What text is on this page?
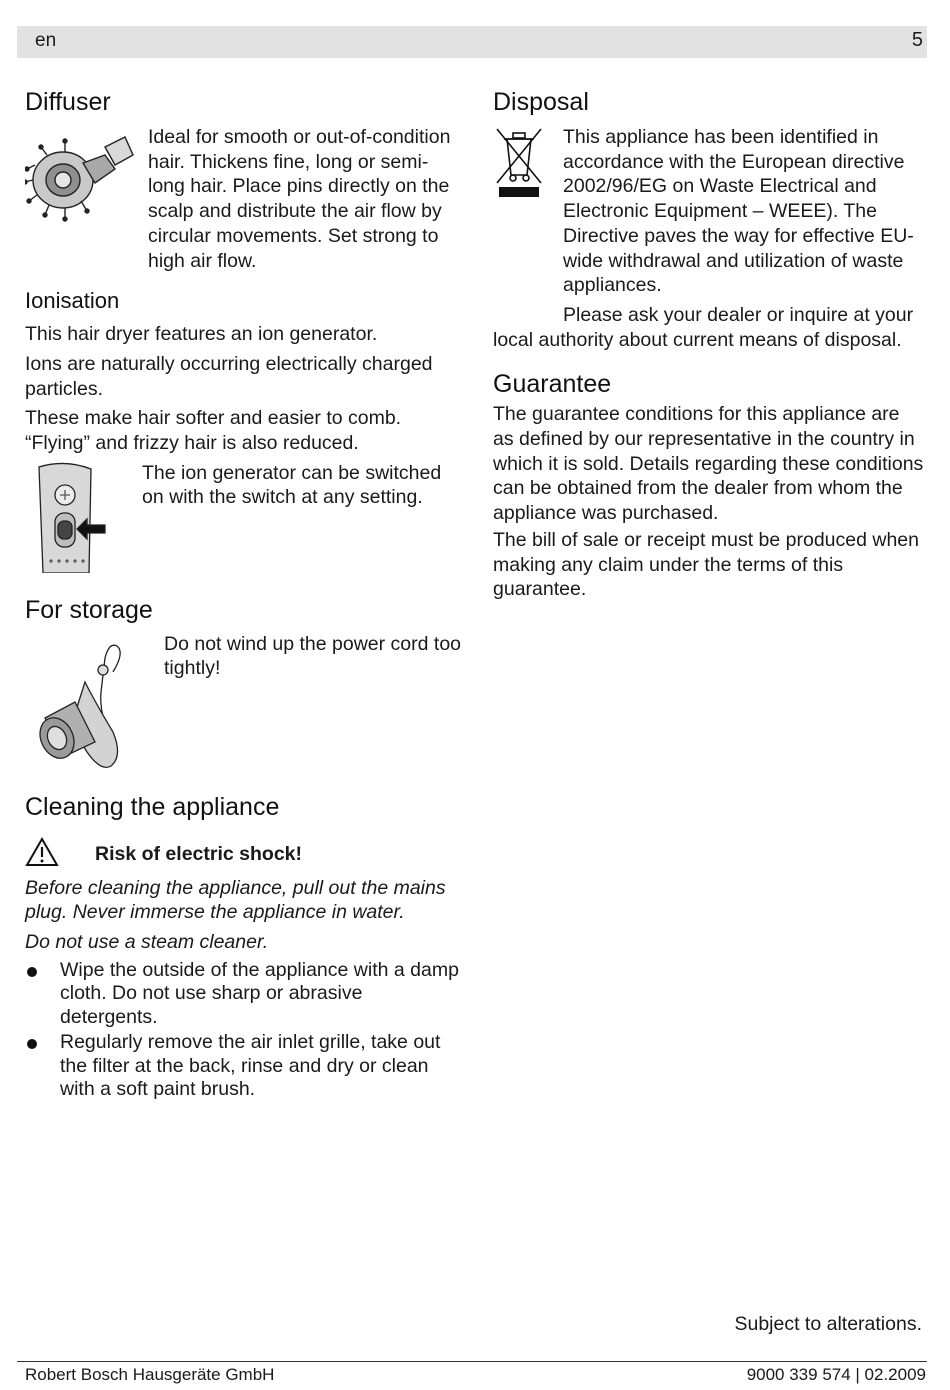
en	5
Diffuser

Ideal for smooth or out-of-condition hair. Thickens fine, long or semi-long hair. Place pins directly on the scalp and distribute the air flow by circular movements. Set strong to high air flow.

Ionisation

This hair dryer features an ion generator.

Ions are naturally occurring electrically charged particles.

These make hair softer and easier to comb. “Flying” and frizzy hair is also reduced.

The ion generator can be switched on with the switch at any setting.

For storage

Do not wind up the power cord too tightly!

Cleaning the appliance
Risk of electric shock!

Before cleaning the appliance, pull out the mains plug. Never immerse the appliance in water.

Do not use a steam cleaner.

Wipe the outside of the appliance with a damp cloth. Do not use sharp or abrasive detergents.
Regularly remove the air inlet grille, take out the filter at the back, rinse and dry or clean with a soft paint brush.
Disposal

This appliance has been identified in accordance with the European directive 2002/96/EG on Waste Electrical and Electronic Equipment – WEEE). The Directive paves the way for effective EU-wide withdrawal and utilization of waste appliances.

Please ask your dealer or inquire at your local authority about current means of disposal.

Guarantee

The guarantee conditions for this appliance are as defined by our representative in the country in which it is sold. Details regarding these conditions can be obtained from the dealer from whom the appliance was purchased.

The bill of sale or receipt must be produced when making any claim under the terms of this guarantee.

Subject to alterations.
Robert Bosch Hausgeräte GmbH	9000 339 574 | 02.2009
